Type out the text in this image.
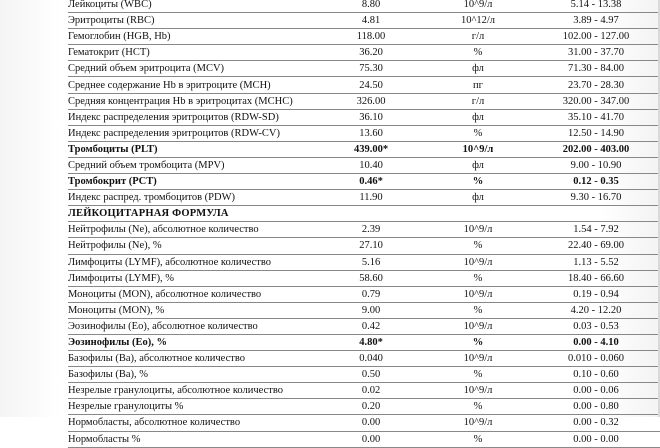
Лейкоциты (WBC)	8.80	10^9/л	5.14 - 13.38
Эритроциты (RBC)	4.81	10^12/л	3.89 - 4.97
Гемоглобин (HGB, Hb)	118.00	г/л	102.00 - 127.00
Гематокрит (HCT)	36.20	%	31.00 - 37.70
Средний объем эритроцита (MCV)	75.30	фл	71.30 - 84.00
Среднее содержание Hb в эритроците (MCH)	24.50	пг	23.70 - 28.30
Средняя концентрация Hb в эритроцитах (MCHC)	326.00	г/л	320.00 - 347.00
Индекс распределения эритроцитов (RDW-SD)	36.10	фл	35.10 - 41.70
Индекс распределения эритроцитов (RDW-CV)	13.60	%	12.50 - 14.90
Тромбоциты (PLT)	439.00*	10^9/л	202.00 - 403.00
Средний объем тромбоцита (MPV)	10.40	фл	9.00 - 10.90
Тромбокрит (PCT)	0.46*	%	0.12 - 0.35
Индекс распред. тромбоцитов (PDW)	11.90	фл	9.30 - 16.70
ЛЕЙКОЦИТАРНАЯ ФОРМУЛА			
Нейтрофилы (Ne), абсолютное количество	2.39	10^9/л	1.54 - 7.92
Нейтрофилы (Ne), %	27.10	%	22.40 - 69.00
Лимфоциты (LYMF), абсолютное количество	5.16	10^9/л	1.13 - 5.52
Лимфоциты (LYMF), %	58.60	%	18.40 - 66.60
Моноциты (MON), абсолютное количество	0.79	10^9/л	0.19 - 0.94
Моноциты (MON), %	9.00	%	4.20 - 12.20
Эозинофилы (Eo), абсолютное количество	0.42	10^9/л	0.03 - 0.53
Эозинофилы (Eo), %	4.80*	%	0.00 - 4.10
Базофилы (Ba), абсолютное количество	0.040	10^9/л	0.010 - 0.060
Базофилы (Ba), %	0.50	%	0.10 - 0.60
Незрелые гранулоциты, абсолютное количество	0.02	10^9/л	0.00 - 0.06
Незрелые гранулоциты %	0.20	%	0.00 - 0.80
Нормобласты, абсолютное количество	0.00	10^9/л	0.00 - 0.32
Нормобласты %	0.00	%	0.00 - 0.00
